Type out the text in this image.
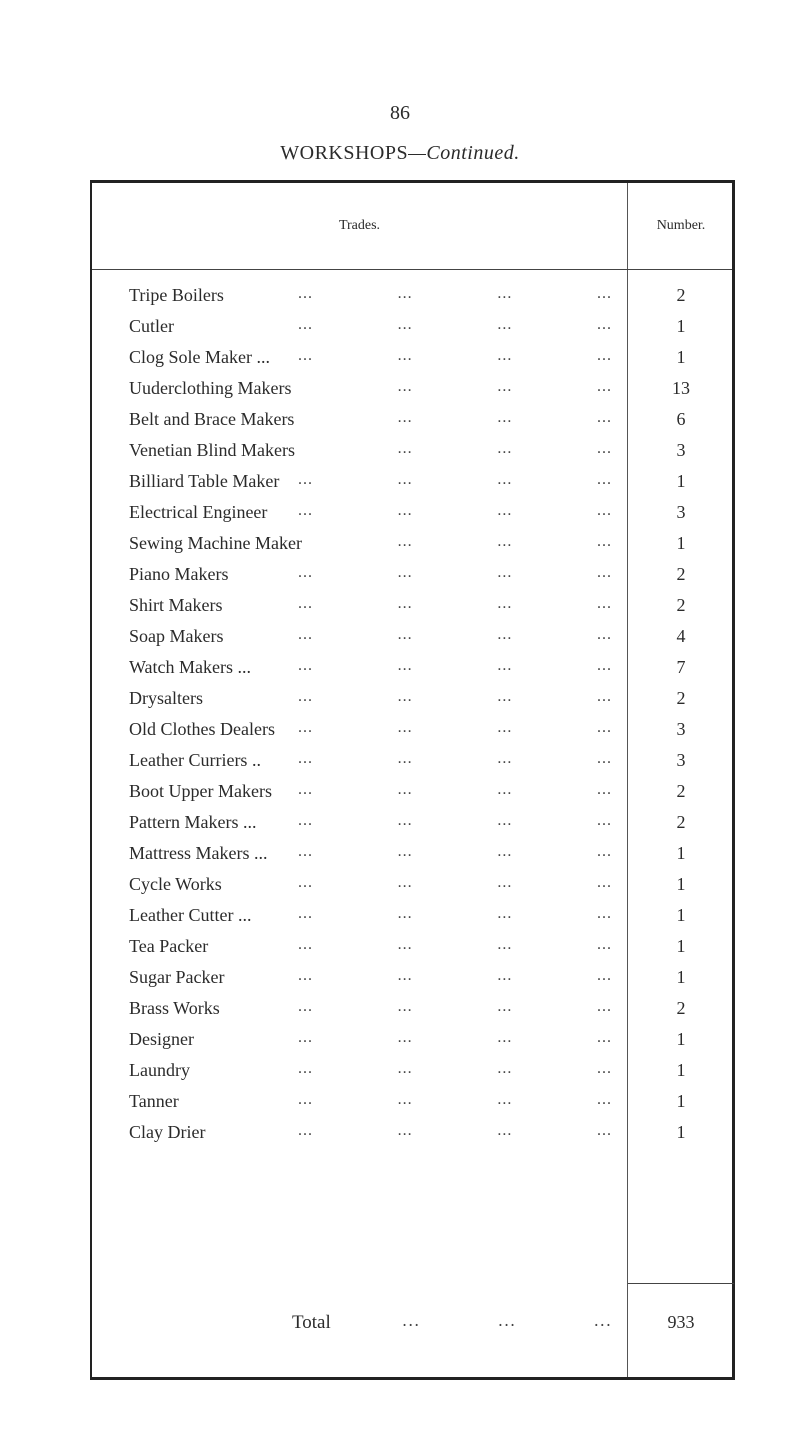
86
WORKSHOPS—Continued.
Trades.	Number.
Tripe Boilers	...	...	...	...	2
Cutler	...	...	...	...	1
Clog Sole Maker ... ...	...	...	...	1
Uuderclothing Makers	...	...	...	13
Belt and Brace Makers	...	...	...	6
Venetian Blind Makers	...	...	...	3
Billiard Table Maker ...	...	...	...	1
Electrical Engineer ...	...	...	...	3
Sewing Machine Maker	...	...	...	1
Piano Makers	...	...	...	...	2
Shirt Makers	...	...	...	...	2
Soap Makers	...	...	...	...	4
Watch Makers ...	...	...	...	...	7
Drysalters	...	...	...	...	2
Old Clothes Dealers ...	...	...	...	3
Leather Curriers .. ...	...	...	...	3
Boot Upper Makers ...	...	...	...	2
Pattern Makers ...	...	...	...	...	2
Mattress Makers ... ...	...	...	...	1
Cycle Works	...	...	...	...	1
Leather Cutter ...	...	...	...	...	1
Tea Packer	...	...	...	...	1
Sugar Packer	...	...	...	...	1
Brass Works	...	...	...	...	2
Designer	...	...	...	...	1
Laundry	...	...	...	...	1
Tanner	...	...	...	...	1
Clay Drier	...	...	...	...	1
Total	...	...	...	933
